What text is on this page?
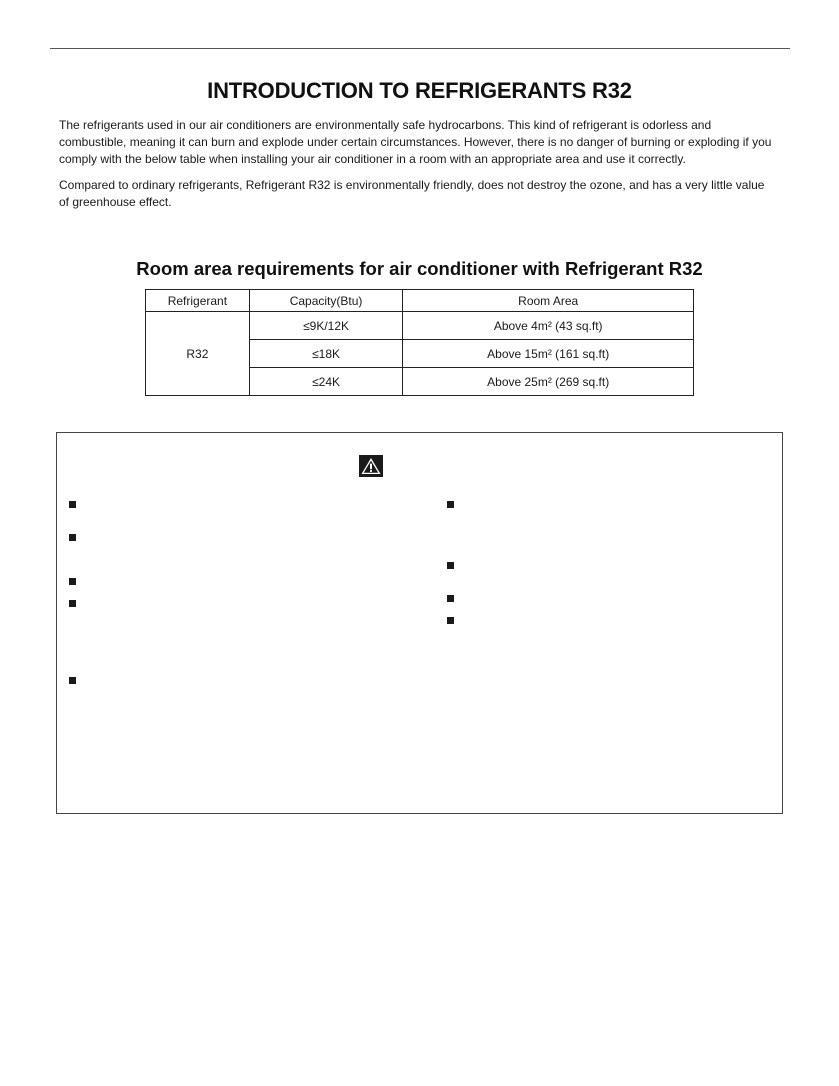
INTRODUCTION TO REFRIGERANTS R32

The refrigerants used in our air conditioners are environmentally safe hydrocarbons. This kind of refrigerant is odorless and combustible, meaning it can burn and explode under certain circumstances. However, there is no danger of burning or exploding if you comply with the below table when installing your air conditioner in a room with an appropriate area and use it correctly.

Compared to ordinary refrigerants, Refrigerant R32 is environmentally friendly, does not destroy the ozone, and has a very little value of greenhouse effect.

Room area requirements for air conditioner with Refrigerant R32
Refrigerant	Capacity(Btu)	Room Area
R32	≤9K/12K	Above 4m² (43 sq.ft)
	≤18K	Above 15m² (161 sq.ft)
	≤24K	Above 25m² (269 sq.ft)
